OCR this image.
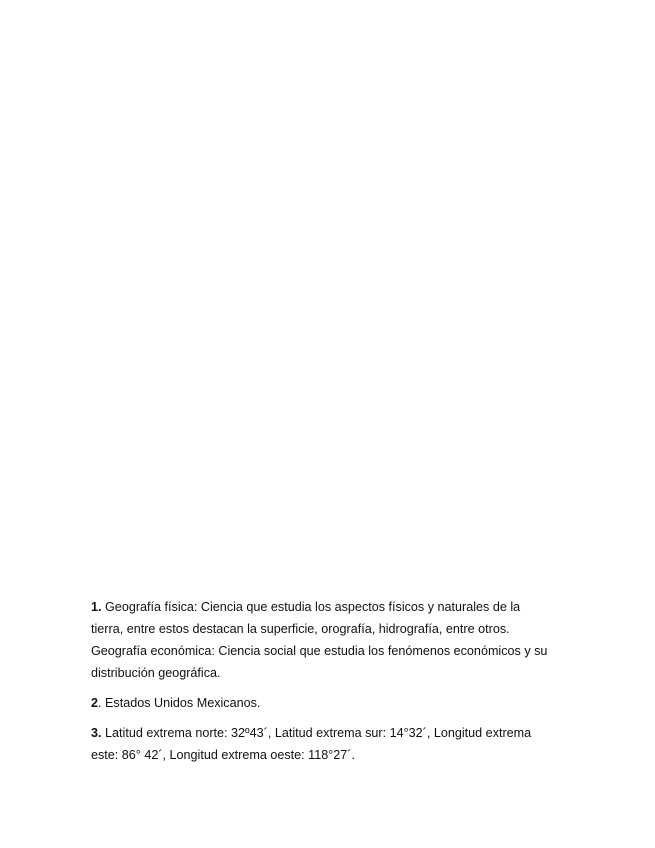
1. Geografía física: Ciencia que estudia los aspectos físicos y naturales de la
tierra, entre estos destacan la superficie, orografía, hidrografía, entre otros.
Geografía económica: Ciencia social que estudia los fenómenos económicos y su
distribución geográfica.
2. Estados Unidos Mexicanos.
3. Latitud extrema norte: 32º43´, Latitud extrema sur: 14°32´, Longitud extrema
este: 86° 42´, Longitud extrema oeste: 118°27´.
